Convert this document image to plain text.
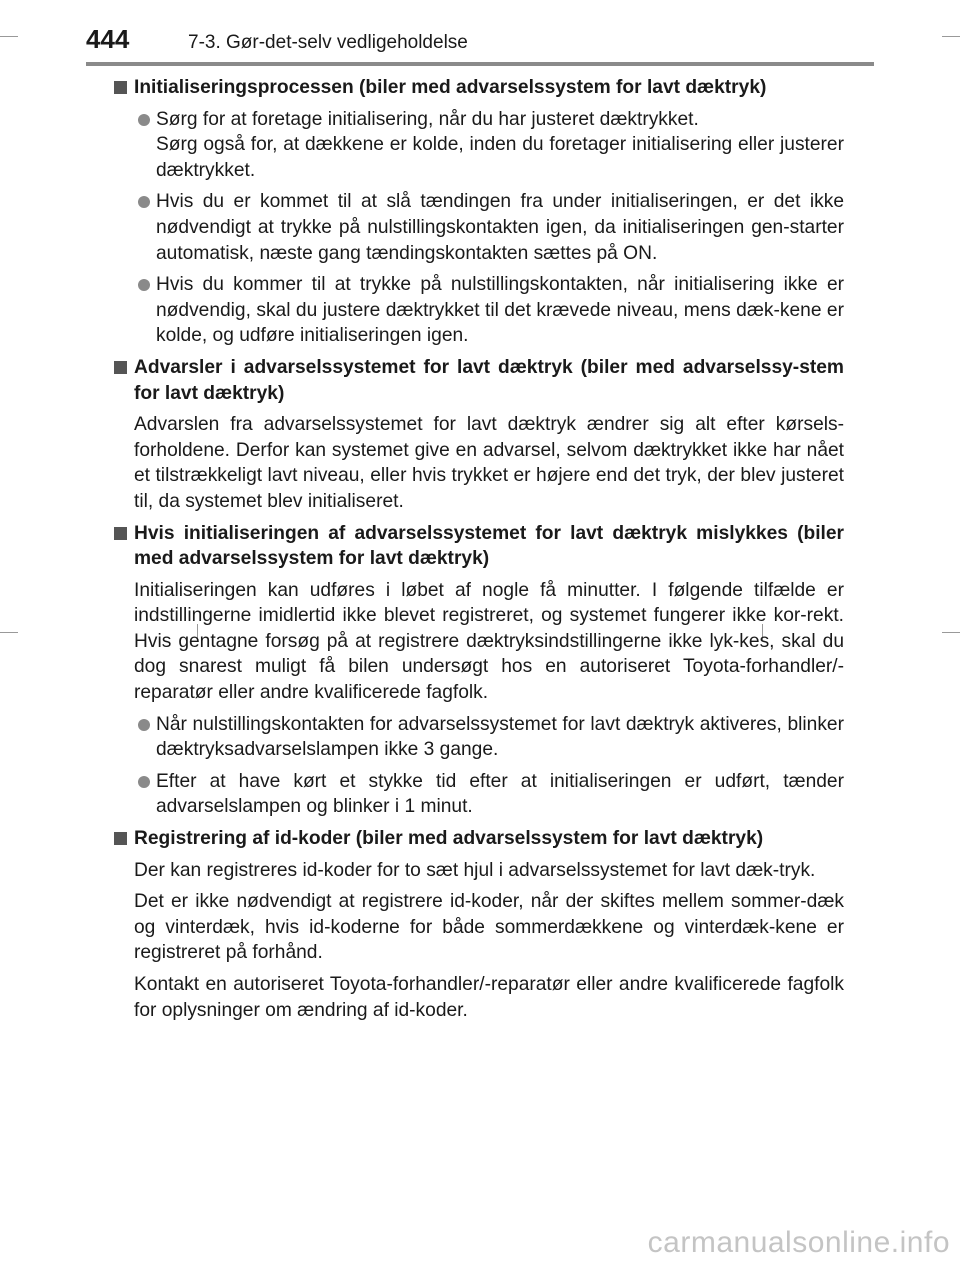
444	7-3. Gør-det-selv vedligeholdelse
Initialiseringsprocessen (biler med advarselssystem for lavt dæktryk)
Sørg for at foretage initialisering, når du har justeret dæktrykket.
Sørg også for, at dækkene er kolde, inden du foretager initialisering eller justerer dæktrykket.
Hvis du er kommet til at slå tændingen fra under initialiseringen, er det ikke nødvendigt at trykke på nulstillingskontakten igen, da initialiseringen gen-starter automatisk, næste gang tændingskontakten sættes på ON.
Hvis du kommer til at trykke på nulstillingskontakten, når initialisering ikke er nødvendig, skal du justere dæktrykket til det krævede niveau, mens dæk-kene er kolde, og udføre initialiseringen igen.
Advarsler i advarselssystemet for lavt dæktryk (biler med advarselssy-stem for lavt dæktryk)
Advarslen fra advarselssystemet for lavt dæktryk ændrer sig alt efter kørsels-forholdene. Derfor kan systemet give en advarsel, selvom dæktrykket ikke har nået et tilstrækkeligt lavt niveau, eller hvis trykket er højere end det tryk, der blev justeret til, da systemet blev initialiseret.
Hvis initialiseringen af advarselssystemet for lavt dæktryk mislykkes (biler med advarselssystem for lavt dæktryk)
Initialiseringen kan udføres i løbet af nogle få minutter. I følgende tilfælde er indstillingerne imidlertid ikke blevet registreret, og systemet fungerer ikke kor-rekt. Hvis gentagne forsøg på at registrere dæktryksindstillingerne ikke lyk-kes, skal du dog snarest muligt få bilen undersøgt hos en autoriseret Toyota-forhandler/-reparatør eller andre kvalificerede fagfolk.
Når nulstillingskontakten for advarselssystemet for lavt dæktryk aktiveres, blinker dæktryksadvarselslampen ikke 3 gange.
Efter at have kørt et stykke tid efter at initialiseringen er udført, tænder advarselslampen og blinker i 1 minut.
Registrering af id-koder (biler med advarselssystem for lavt dæktryk)
Der kan registreres id-koder for to sæt hjul i advarselssystemet for lavt dæk-tryk.
Det er ikke nødvendigt at registrere id-koder, når der skiftes mellem sommer-dæk og vinterdæk, hvis id-koderne for både sommerdækkene og vinterdæk-kene er registreret på forhånd.
Kontakt en autoriseret Toyota-forhandler/-reparatør eller andre kvalificerede fagfolk for oplysninger om ændring af id-koder.
carmanualsonline.info
